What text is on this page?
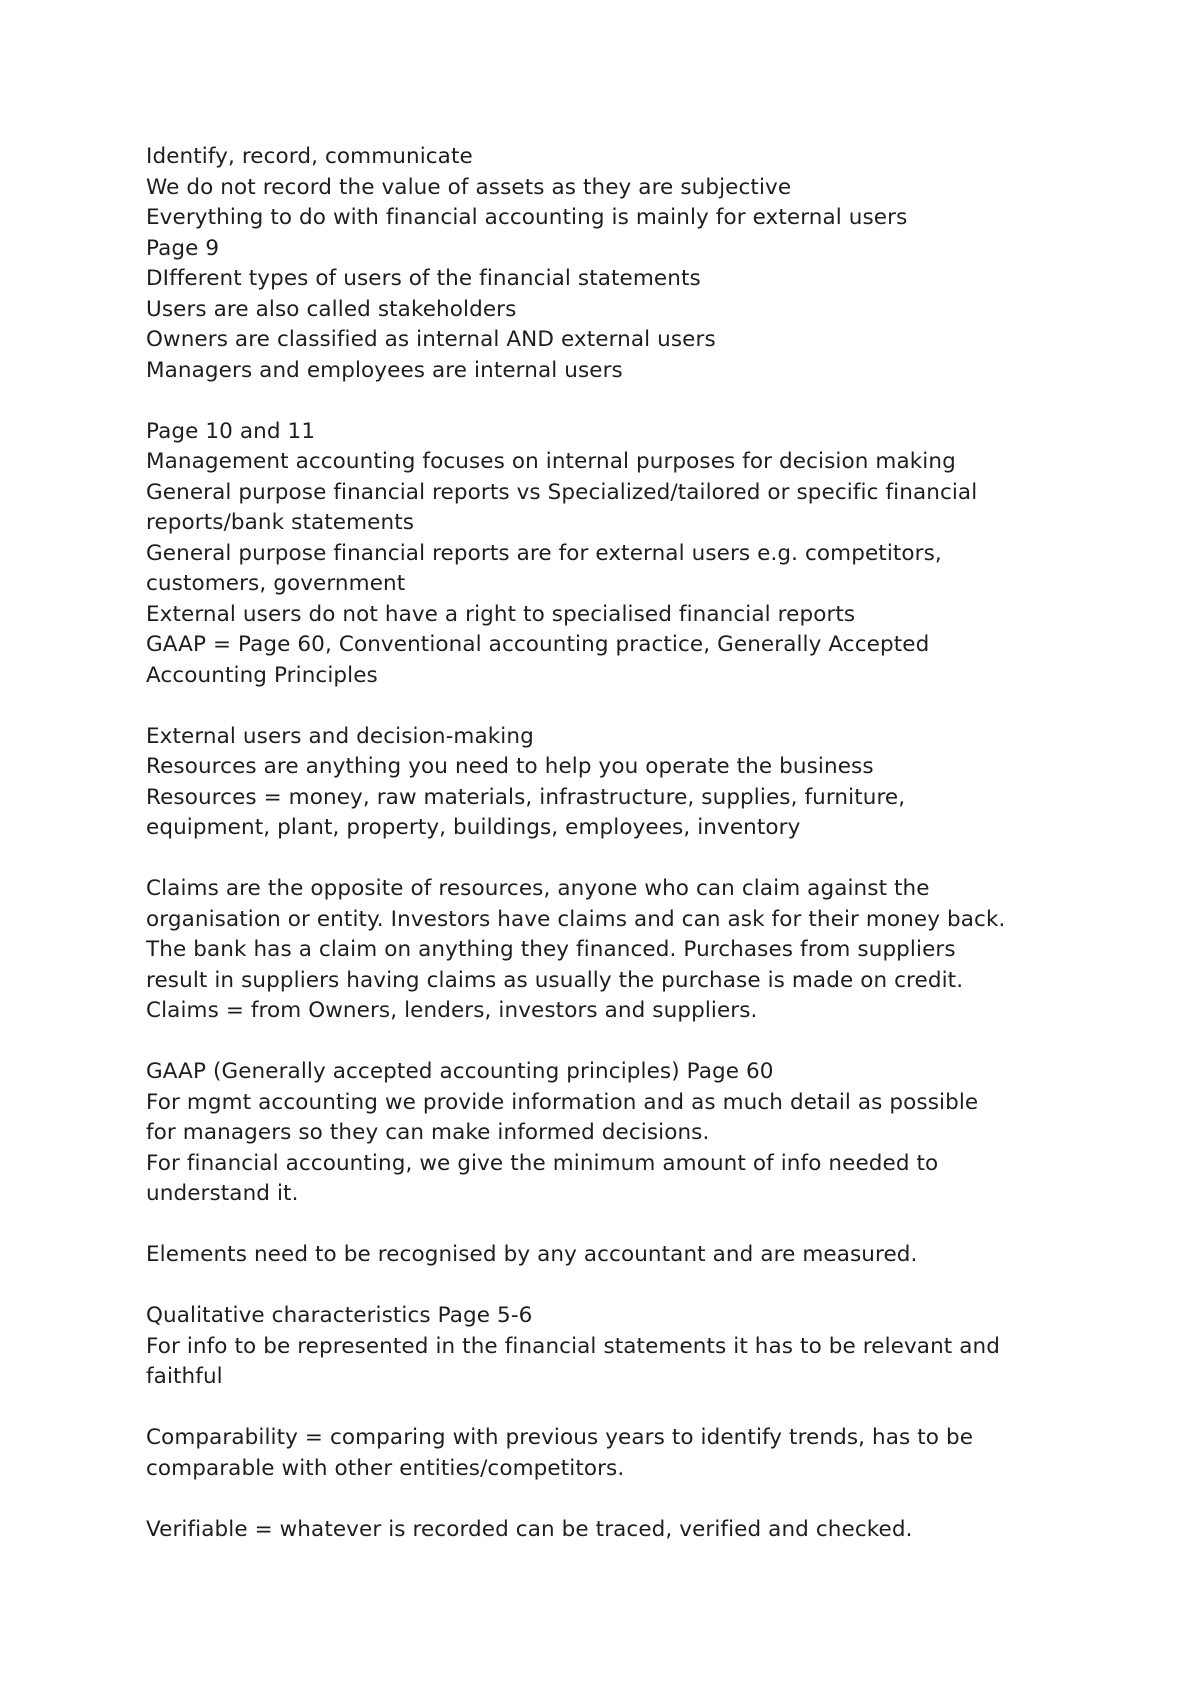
Identify, record, communicate
We do not record the value of assets as they are subjective
Everything to do with financial accounting is mainly for external users
Page 9
DIfferent types of users of the financial statements
Users are also called stakeholders
Owners are classified as internal AND external users
Managers and employees are internal users
Page 10 and 11
Management accounting focuses on internal purposes for decision making
General purpose financial reports vs Specialized/tailored or specific financial
reports/bank statements
General purpose financial reports are for external users e.g. competitors,
customers, government
External users do not have a right to specialised financial reports
GAAP = Page 60, Conventional accounting practice, Generally Accepted
Accounting Principles
External users and decision-making
Resources are anything you need to help you operate the business
Resources = money, raw materials, infrastructure, supplies, furniture,
equipment, plant, property, buildings, employees, inventory
Claims are the opposite of resources, anyone who can claim against the
organisation or entity. Investors have claims and can ask for their money back.
The bank has a claim on anything they financed. Purchases from suppliers
result in suppliers having claims as usually the purchase is made on credit.
Claims = from Owners, lenders, investors and suppliers.
GAAP (Generally accepted accounting principles) Page 60
For mgmt accounting we provide information and as much detail as possible
for managers so they can make informed decisions.
For financial accounting, we give the minimum amount of info needed to
understand it.
Elements need to be recognised by any accountant and are measured.
Qualitative characteristics Page 5-6
For info to be represented in the financial statements it has to be relevant and
faithful
Comparability = comparing with previous years to identify trends, has to be
comparable with other entities/competitors.
Verifiable = whatever is recorded can be traced, verified and checked.
